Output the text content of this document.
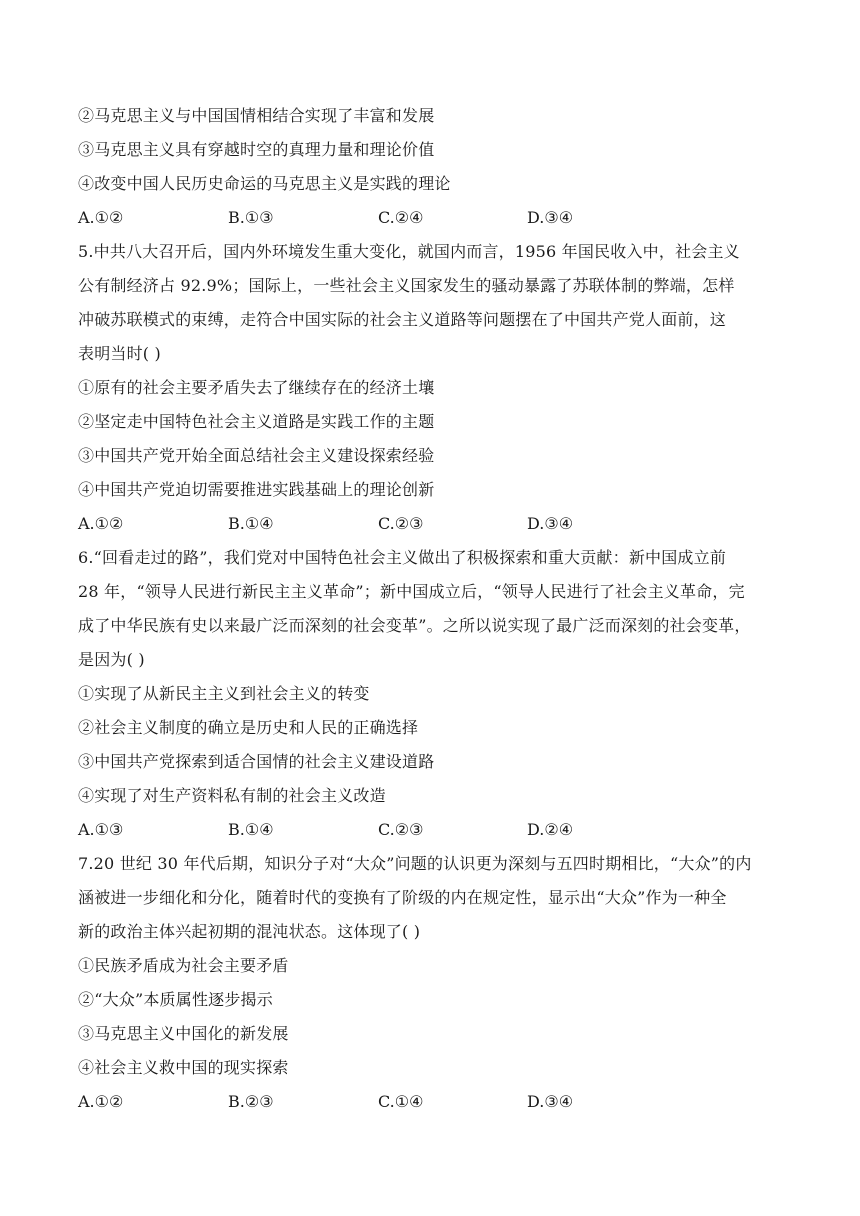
②马克思主义与中国国情相结合实现了丰富和发展
③马克思主义具有穿越时空的真理力量和理论价值
④改变中国人民历史命运的马克思主义是实践的理论
A.①②	B.①③	C.②④	D.③④
5.中共八大召开后，国内外环境发生重大变化，就国内而言，1956 年国民收入中，社会主义
公有制经济占 92.9%；国际上，一些社会主义国家发生的骚动暴露了苏联体制的弊端，怎样
冲破苏联模式的束缚，走符合中国实际的社会主义道路等问题摆在了中国共产党人面前，这
表明当时( )
①原有的社会主要矛盾失去了继续存在的经济土壤
②坚定走中国特色社会主义道路是实践工作的主题
③中国共产党开始全面总结社会主义建设探索经验
④中国共产党迫切需要推进实践基础上的理论创新
A.①②	B.①④	C.②③	D.③④
6.“回看走过的路”，我们党对中国特色社会主义做出了积极探索和重大贡献：新中国成立前
28 年，“领导人民进行新民主主义革命”；新中国成立后，“领导人民进行了社会主义革命，完
成了中华民族有史以来最广泛而深刻的社会变革”。之所以说实现了最广泛而深刻的社会变革，
是因为( )
①实现了从新民主主义到社会主义的转变
②社会主义制度的确立是历史和人民的正确选择
③中国共产党探索到适合国情的社会主义建设道路
④实现了对生产资料私有制的社会主义改造
A.①③	B.①④	C.②③	D.②④
7.20 世纪 30 年代后期，知识分子对“大众”问题的认识更为深刻与五四时期相比，“大众”的内
涵被进一步细化和分化，随着时代的变换有了阶级的内在规定性，显示出“大众”作为一种全
新的政治主体兴起初期的混沌状态。这体现了( )
①民族矛盾成为社会主要矛盾
②“大众”本质属性逐步揭示
③马克思主义中国化的新发展
④社会主义救中国的现实探索
A.①②	B.②③	C.①④	D.③④
